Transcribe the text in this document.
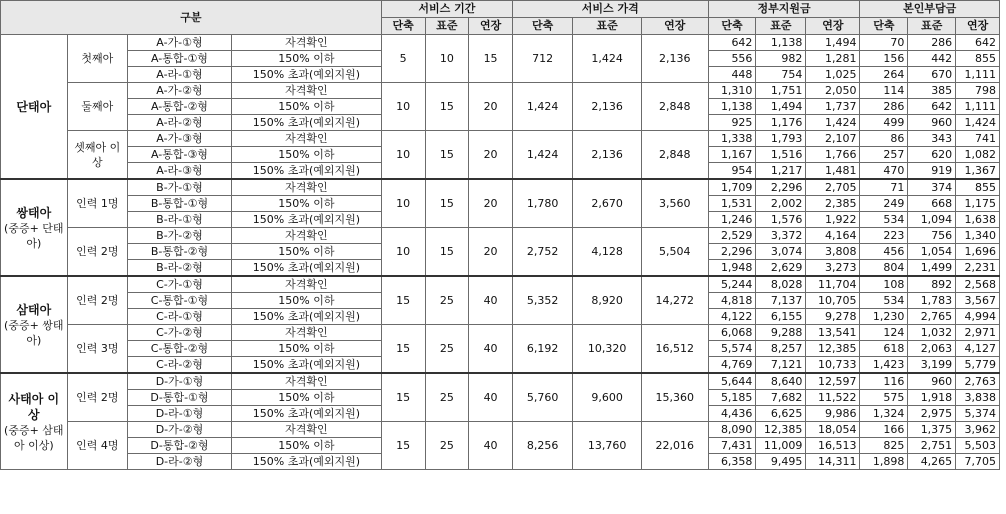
구분				서비스 기간			서비스 가격			정부지원금			본인부담금		
				단축	표준	연장	단축	표준	연장	단축	표준	연장	단축	표준	연장
단태아	첫째아	A-가-①형	자격확인	5	10	15	712	1,424	2,136	642	1,138	1,494	70	286	642
		A-통합-①형	150% 이하							556	982	1,281	156	442	855
		A-라-①형	150% 초과(예외지원)							448	754	1,025	264	670	1,111
	둘째아	A-가-②형	자격확인	10	15	20	1,424	2,136	2,848	1,310	1,751	2,050	114	385	798
		A-통합-②형	150% 이하							1,138	1,494	1,737	286	642	1,111
		A-라-②형	150% 초과(예외지원)							925	1,176	1,424	499	960	1,424
	셋째아 이상	A-가-③형	자격확인	10	15	20	1,424	2,136	2,848	1,338	1,793	2,107	86	343	741
		A-통합-③형	150% 이하							1,167	1,516	1,766	257	620	1,082
		A-라-③형	150% 초과(예외지원)							954	1,217	1,481	470	919	1,367
쌍태아
(중증+ 단태아)	인력 1명	B-가-①형	자격확인	10	15	20	1,780	2,670	3,560	1,709	2,296	2,705	71	374	855
		B-통합-①형	150% 이하							1,531	2,002	2,385	249	668	1,175
		B-라-①형	150% 초과(예외지원)							1,246	1,576	1,922	534	1,094	1,638
	인력 2명	B-가-②형	자격확인	10	15	20	2,752	4,128	5,504	2,529	3,372	4,164	223	756	1,340
		B-통합-②형	150% 이하							2,296	3,074	3,808	456	1,054	1,696
		B-라-②형	150% 초과(예외지원)							1,948	2,629	3,273	804	1,499	2,231
삼태아
(중증+ 쌍태아)	인력 2명	C-가-①형	자격확인	15	25	40	5,352	8,920	14,272	5,244	8,028	11,704	108	892	2,568
		C-통합-①형	150% 이하							4,818	7,137	10,705	534	1,783	3,567
		C-라-①형	150% 초과(예외지원)							4,122	6,155	9,278	1,230	2,765	4,994
	인력 3명	C-가-②형	자격확인	15	25	40	6,192	10,320	16,512	6,068	9,288	13,541	124	1,032	2,971
		C-통합-②형	150% 이하							5,574	8,257	12,385	618	2,063	4,127
		C-라-②형	150% 초과(예외지원)							4,769	7,121	10,733	1,423	3,199	5,779
사태아 이상
(중증+ 삼태아 이상)	인력 2명	D-가-①형	자격확인	15	25	40	5,760	9,600	15,360	5,644	8,640	12,597	116	960	2,763
		D-통합-①형	150% 이하							5,185	7,682	11,522	575	1,918	3,838
		D-라-①형	150% 초과(예외지원)							4,436	6,625	9,986	1,324	2,975	5,374
	인력 4명	D-가-②형	자격확인	15	25	40	8,256	13,760	22,016	8,090	12,385	18,054	166	1,375	3,962
		D-통합-②형	150% 이하							7,431	11,009	16,513	825	2,751	5,503
		D-라-②형	150% 초과(예외지원)							6,358	9,495	14,311	1,898	4,265	7,705
